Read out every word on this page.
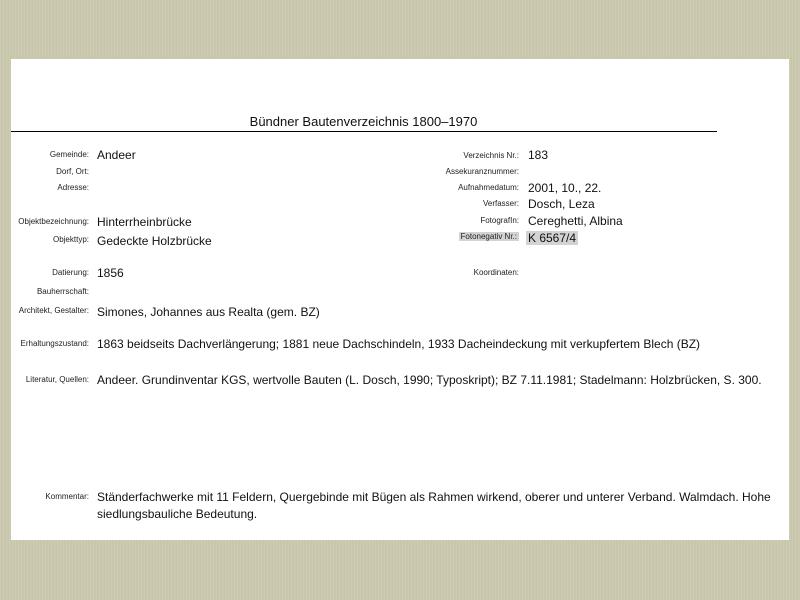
Bündner Bautenverzeichnis 1800–1970
Gemeinde: Andeer
Dorf, Ort:
Adresse:
Objektbezeichnung: Hinterrheinbrücke
Objekttyp: Gedeckte Holzbrücke
Datierung: 1856
Bauherrschaft:
Architekt, Gestalter: Simones, Johannes aus Realta (gem. BZ)
Erhaltungszustand: 1863 beidseits Dachverlängerung; 1881 neue Dachschindeln, 1933 Dacheindeckung mit verkupfertem Blech (BZ)
Literatur, Quellen: Andeer. Grundinventar KGS, wertvolle Bauten (L. Dosch, 1990; Typoskript); BZ 7.11.1981; Stadelmann: Holzbrücken, S. 300.
Kommentar: Ständerfachwerke mit 11 Feldern, Quergebinde mit Bügen als Rahmen wirkend, oberer und unterer Verband. Walmdach. Hohe siedlungsbauliche Bedeutung.
Verzeichnis Nr.: 183
Assekuranznummer:
Aufnahmedatum: 2001, 10., 22.
Verfasser: Dosch, Leza
FotografIn: Cereghetti, Albina
Fotonegativ Nr.: K 6567/4
Koordinaten:
